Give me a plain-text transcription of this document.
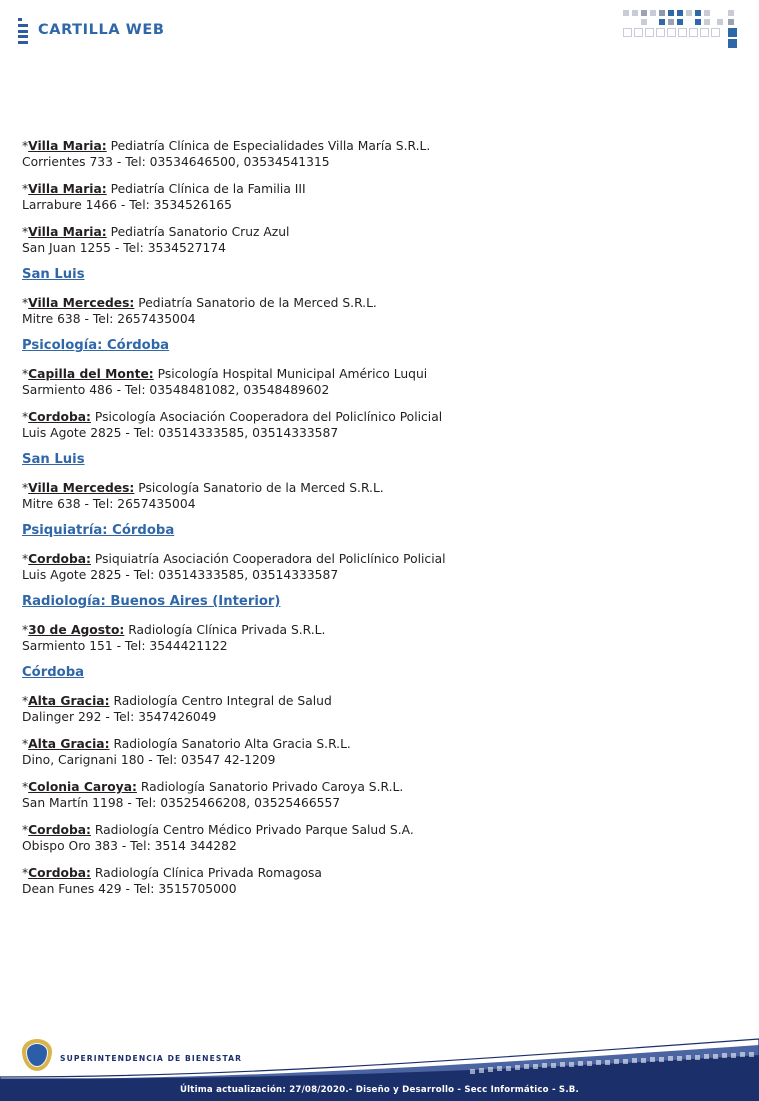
CARTILLA WEB
*Villa Maria: Pediatría Clínica de Especialidades Villa María S.R.L.
Corrientes 733 - Tel: 03534646500, 03534541315
*Villa Maria: Pediatría Clínica de la Familia III
Larrabure 1466 - Tel: 3534526165
*Villa Maria: Pediatría Sanatorio Cruz Azul
San Juan 1255 - Tel: 3534527174
San Luis
*Villa Mercedes: Pediatría Sanatorio de la Merced S.R.L.
Mitre 638 - Tel: 2657435004
Psicología: Córdoba
*Capilla del Monte: Psicología Hospital Municipal Américo Luqui
Sarmiento 486 - Tel: 03548481082, 03548489602
*Cordoba: Psicología Asociación Cooperadora del Policlínico Policial
Luis Agote 2825 - Tel: 03514333585, 03514333587
San Luis
*Villa Mercedes: Psicología Sanatorio de la Merced S.R.L.
Mitre 638 - Tel: 2657435004
Psiquiatría: Córdoba
*Cordoba: Psiquiatría Asociación Cooperadora del Policlínico Policial
Luis Agote 2825 - Tel: 03514333585, 03514333587
Radiología: Buenos Aires (Interior)
*30 de Agosto: Radiología Clínica Privada S.R.L.
Sarmiento 151 - Tel: 3544421122
Córdoba
*Alta Gracia: Radiología Centro Integral de Salud
Dalinger 292 - Tel: 3547426049
*Alta Gracia: Radiología Sanatorio Alta Gracia S.R.L.
Dino, Carignani 180 - Tel: 03547 42-1209
*Colonia Caroya: Radiología Sanatorio Privado Caroya S.R.L.
San Martín 1198 - Tel: 03525466208, 03525466557
*Cordoba: Radiología Centro Médico Privado Parque Salud S.A.
Obispo Oro 383 - Tel: 3514 344282
*Cordoba: Radiología Clínica Privada Romagosa
Dean Funes 429 - Tel: 3515705000
SUPERINTENDENCIA DE BIENESTAR
Última actualización: 27/08/2020.- Diseño y Desarrollo - Secc Informático - S.B.
